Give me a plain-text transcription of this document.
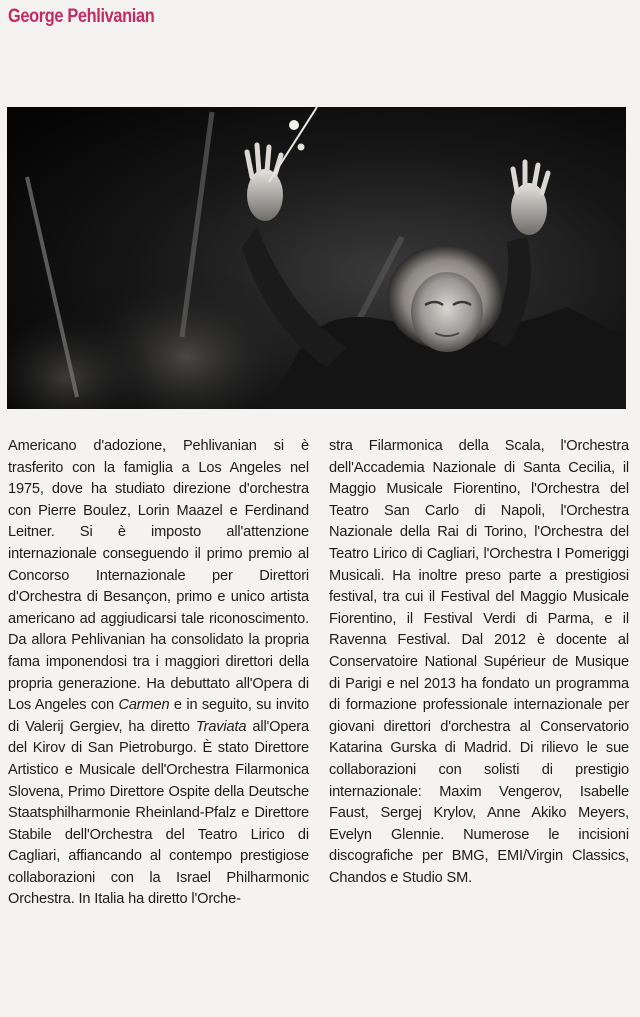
George Pehlivanian

Americano d'adozione, Pehlivanian si è trasferito con la famiglia a Los Angeles nel 1975, dove ha studiato direzione d'orchestra con Pierre Boulez, Lorin Maazel e Ferdinand Leitner. Si è imposto all'attenzione internazionale conseguendo il primo premio al Concorso Internazionale per Direttori d'Orchestra di Besançon, primo e unico artista americano ad aggiudicarsi tale riconoscimento. Da allora Pehlivanian ha consolidato la propria fama imponendosi tra i maggiori direttori della propria generazione. Ha debuttato all'Opera di Los Angeles con Carmen e in seguito, su invito di Valerij Gergiev, ha diretto Traviata all'Opera del Kirov di San Pietroburgo. È stato Direttore Artistico e Musicale dell'Orchestra Filarmonica Slovena, Primo Direttore Ospite della Deutsche Staatsphilharmonie Rheinland-Pfalz e Direttore Stabile dell'Orchestra del Teatro Lirico di Cagliari, affiancando al contempo prestigiose collaborazioni con la Israel Philharmonic Orchestra. In Italia ha diretto l'Orche-

stra Filarmonica della Scala, l'Orchestra dell'Accademia Nazionale di Santa Cecilia, il Maggio Musicale Fiorentino, l'Orchestra del Teatro San Carlo di Napoli, l'Orchestra Nazionale della Rai di Torino, l'Orchestra del Teatro Lirico di Cagliari, l'Orchestra I Pomeriggi Musicali. Ha inoltre preso parte a prestigiosi festival, tra cui il Festival del Maggio Musicale Fiorentino, il Festival Verdi di Parma, e il Ravenna Festival. Dal 2012 è docente al Conservatoire National Supérieur de Musique di Parigi e nel 2013 ha fondato un programma di formazione professionale internazionale per giovani direttori d'orchestra al Conservatorio Katarina Gurska di Madrid. Di rilievo le sue collaborazioni con solisti di prestigio internazionale: Maxim Vengerov, Isabelle Faust, Sergej Krylov, Anne Akiko Meyers, Evelyn Glennie. Numerose le incisioni discografiche per BMG, EMI/Virgin Classics, Chandos e Studio SM.
